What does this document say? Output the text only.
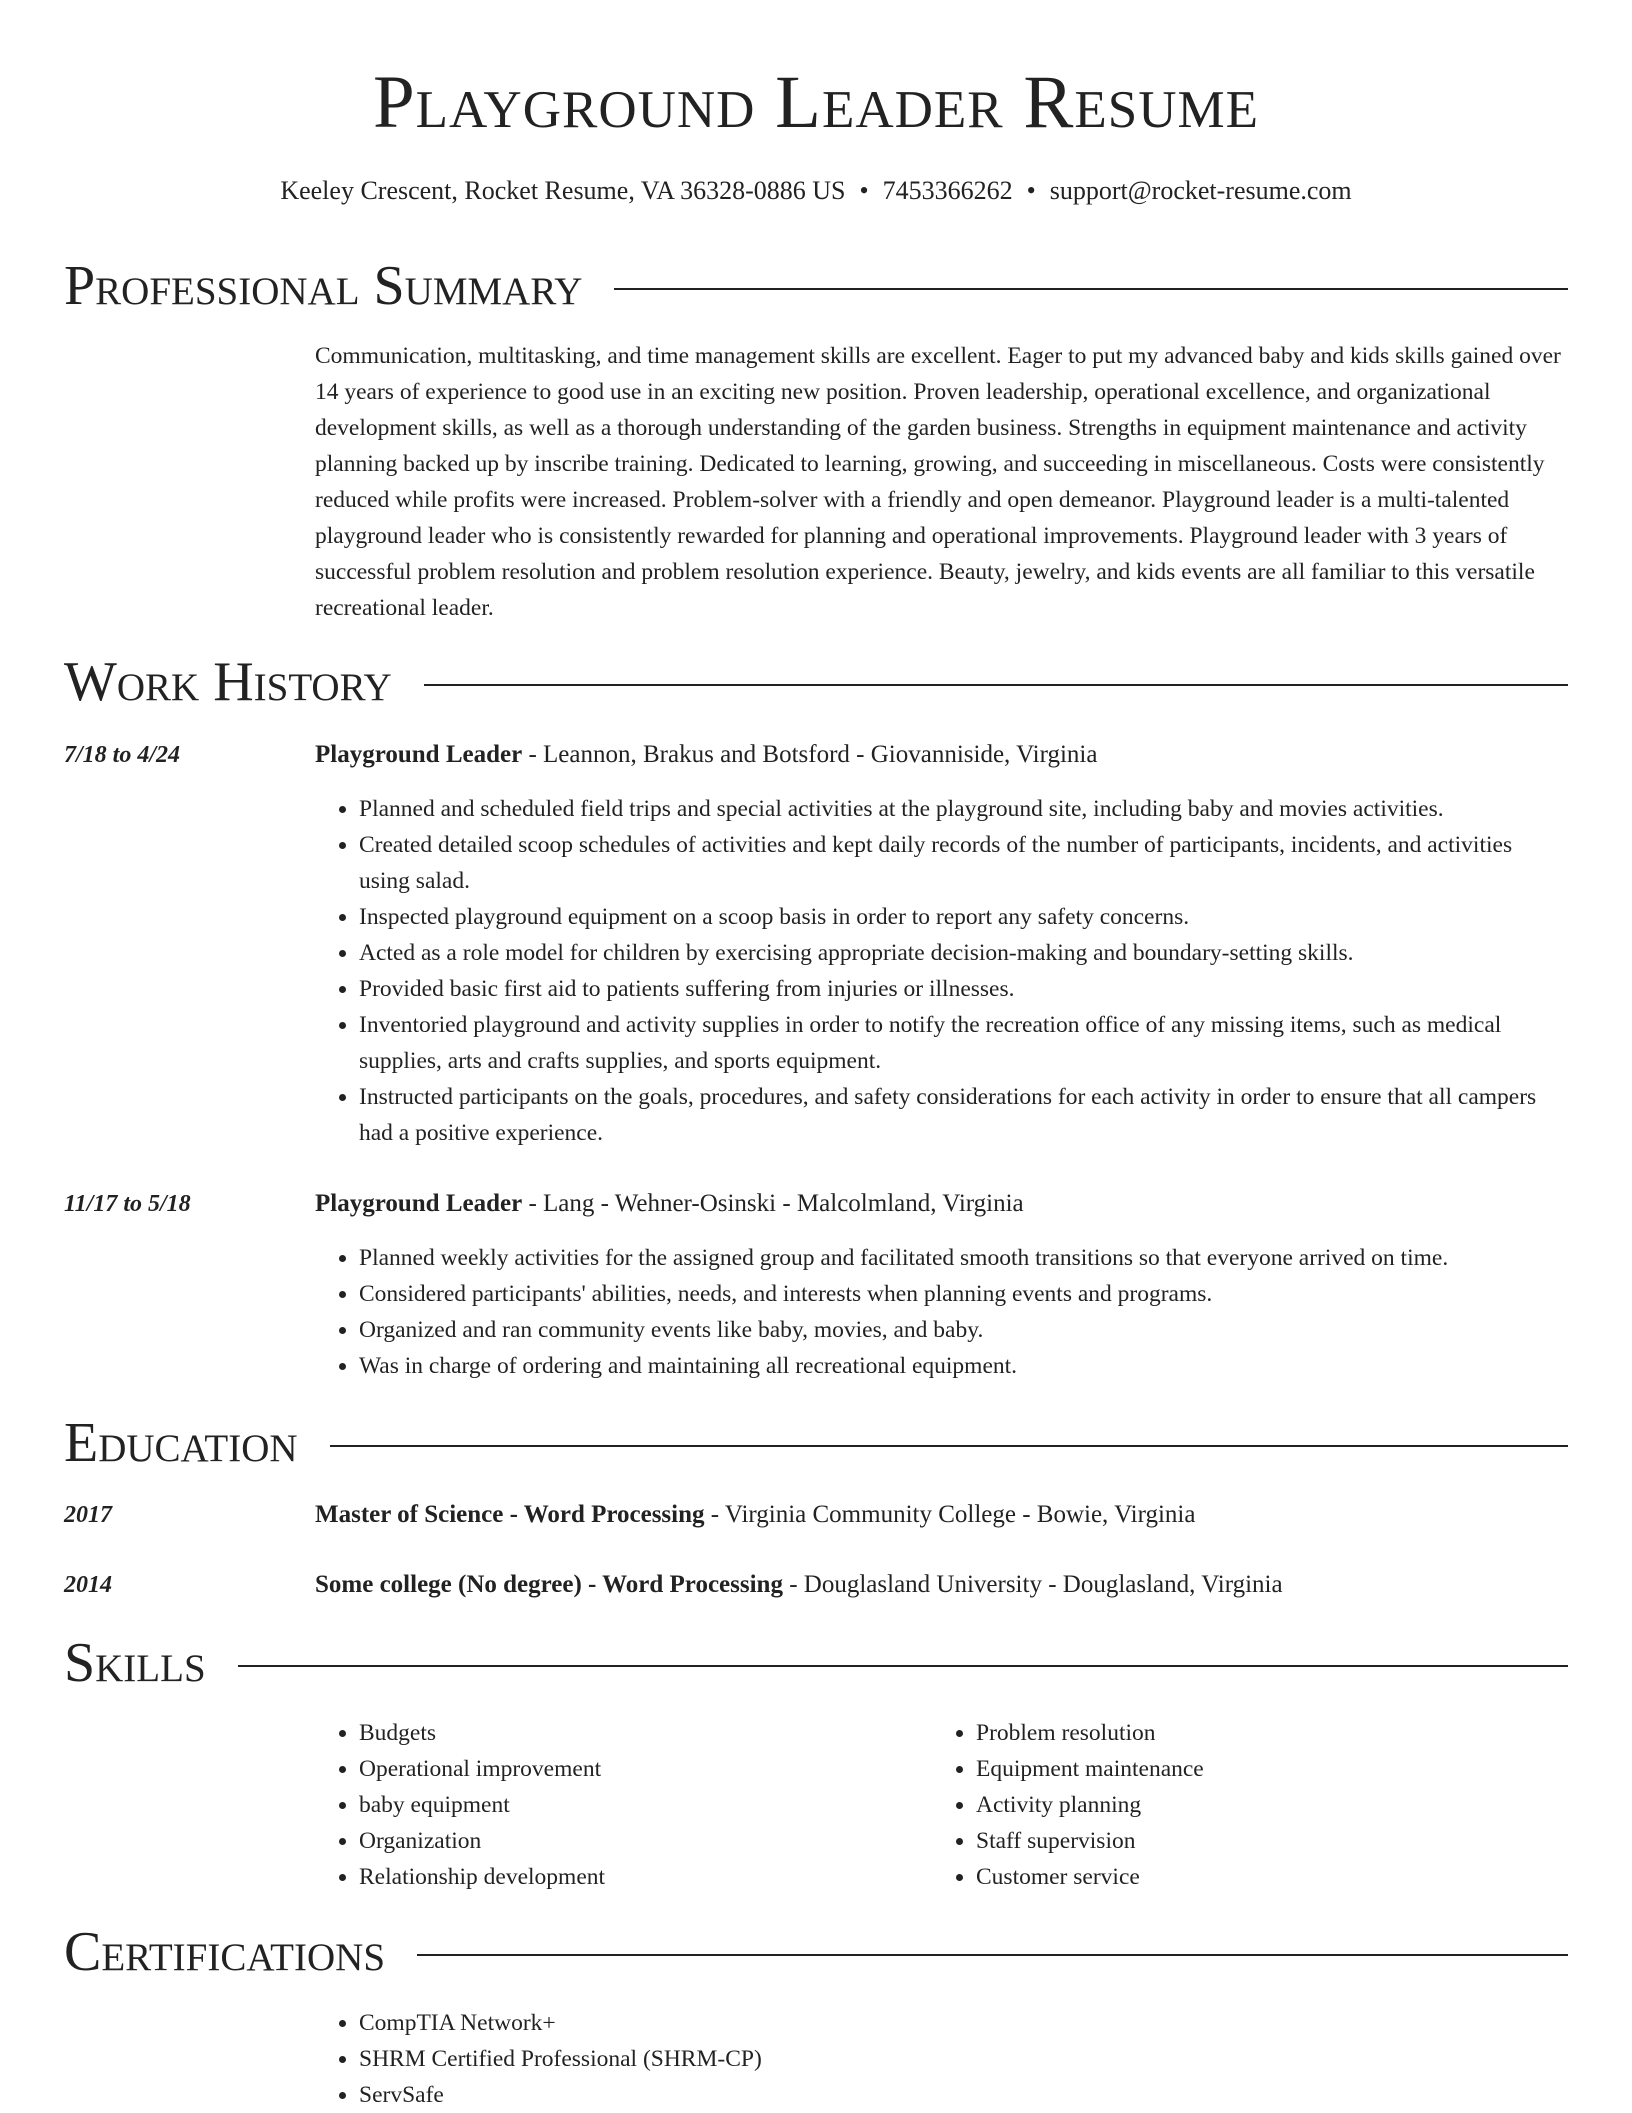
Playground Leader Resume
Keeley Crescent, Rocket Resume, VA 36328-0886 US • 7453366262 • support@rocket-resume.com
Professional Summary
Communication, multitasking, and time management skills are excellent. Eager to put my advanced baby and kids skills gained over 14 years of experience to good use in an exciting new position. Proven leadership, operational excellence, and organizational development skills, as well as a thorough understanding of the garden business. Strengths in equipment maintenance and activity planning backed up by inscribe training. Dedicated to learning, growing, and succeeding in miscellaneous. Costs were consistently reduced while profits were increased. Problem-solver with a friendly and open demeanor. Playground leader is a multi-talented playground leader who is consistently rewarded for planning and operational improvements. Playground leader with 3 years of successful problem resolution and problem resolution experience. Beauty, jewelry, and kids events are all familiar to this versatile recreational leader.
Work History
7/18 to 4/24	Playground Leader - Leannon, Brakus and Botsford - Giovanniside, Virginia
• Planned and scheduled field trips and special activities at the playground site, including baby and movies activities.
• Created detailed scoop schedules of activities and kept daily records of the number of participants, incidents, and activities using salad.
• Inspected playground equipment on a scoop basis in order to report any safety concerns.
• Acted as a role model for children by exercising appropriate decision-making and boundary-setting skills.
• Provided basic first aid to patients suffering from injuries or illnesses.
• Inventoried playground and activity supplies in order to notify the recreation office of any missing items, such as medical supplies, arts and crafts supplies, and sports equipment.
• Instructed participants on the goals, procedures, and safety considerations for each activity in order to ensure that all campers had a positive experience.
11/17 to 5/18	Playground Leader - Lang - Wehner-Osinski - Malcolmland, Virginia
• Planned weekly activities for the assigned group and facilitated smooth transitions so that everyone arrived on time.
• Considered participants' abilities, needs, and interests when planning events and programs.
• Organized and ran community events like baby, movies, and baby.
• Was in charge of ordering and maintaining all recreational equipment.
Education
2017	Master of Science - Word Processing - Virginia Community College - Bowie, Virginia
2014	Some college (No degree) - Word Processing - Douglasland University - Douglasland, Virginia
Skills
• Budgets
• Operational improvement
• baby equipment
• Organization
• Relationship development
• Problem resolution
• Equipment maintenance
• Activity planning
• Staff supervision
• Customer service
Certifications
• CompTIA Network+
• SHRM Certified Professional (SHRM-CP)
• ServSafe
